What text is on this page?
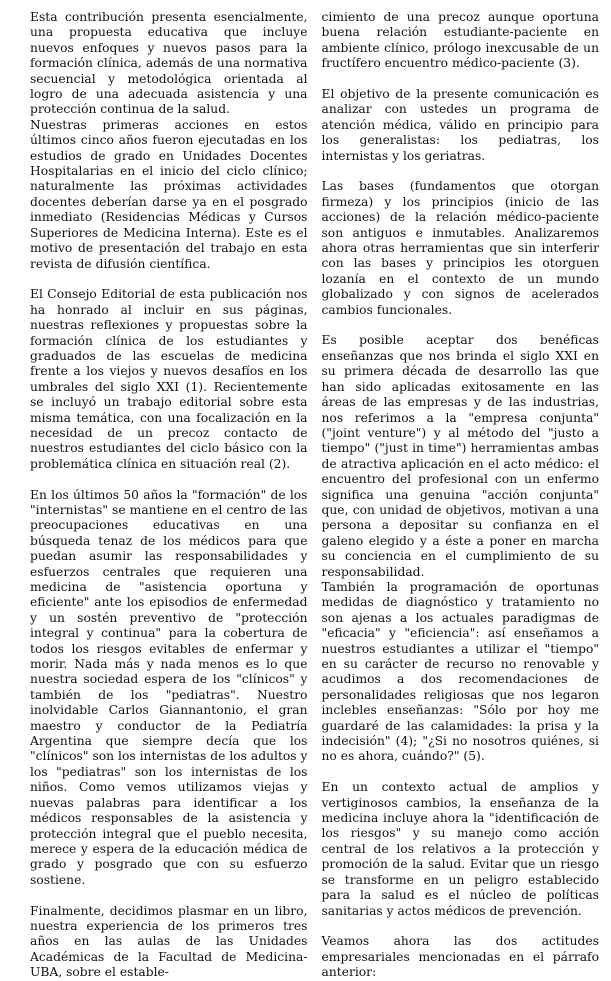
Esta contribución presenta esencialmente, una propuesta educativa que incluye nuevos enfoques y nuevos pasos para la formación clínica, además de una normativa secuencial y metodológica orientada al logro de una adecuada asistencia y una protección continua de la salud.

Nuestras primeras acciones en estos últimos cinco años fueron ejecutadas en los estudios de grado en Unidades Docentes Hospitalarias en el inicio del ciclo clínico; naturalmente las próximas actividades docentes deberían darse ya en el posgrado inmediato (Residencias Médicas y Cursos Superiores de Medicina Interna). Este es el motivo de presentación del trabajo en esta revista de difusión científica.

El Consejo Editorial de esta publicación nos ha honrado al incluir en sus páginas, nuestras reflexiones y propuestas sobre la formación clínica de los estudiantes y graduados de las escuelas de medicina frente a los viejos y nuevos desafíos en los umbrales del siglo XXI (1). Recientemente se incluyó un trabajo editorial sobre esta misma temática, con una focalización en la necesidad de un precoz contacto de nuestros estudiantes del ciclo básico con la problemática clínica en situación real (2).

En los últimos 50 años la "formación" de los "internistas" se mantiene en el centro de las preocupaciones educativas en una búsqueda tenaz de los médicos para que puedan asumir las responsabilidades y esfuerzos centrales que requieren una medicina de "asistencia oportuna y eficiente" ante los episodios de enfermedad y un sostén preventivo de "protección integral y continua" para la cobertura de todos los riesgos evitables de enfermar y morir. Nada más y nada menos es lo que nuestra sociedad espera de los "clínicos" y también de los "pediatras". Nuestro inolvidable Carlos Giannantonio, el gran maestro y conductor de la Pediatría Argentina que siempre decía que los "clínicos" son los internistas de los adultos y los "pediatras" son los internistas de los niños. Como vemos utilizamos viejas y nuevas palabras para identificar a los médicos responsables de la asistencia y protección integral que el pueblo necesita, merece y espera de la educación médica de grado y posgrado que con su esfuerzo sostiene.

Finalmente, decidimos plasmar en un libro, nuestra experiencia de los primeros tres años en las aulas de las Unidades Académicas de la Facultad de Medicina-UBA, sobre el estable-

cimiento de una precoz aunque oportuna buena relación estudiante-paciente en ambiente clínico, prólogo inexcusable de un fructífero encuentro médico-paciente (3).

El objetivo de la presente comunicación es analizar con ustedes un programa de atención médica, válido en principio para los generalistas: los pediatras, los internistas y los geriatras.

Las bases (fundamentos que otorgan firmeza) y los principios (inicio de las acciones) de la relación médico-paciente son antiguos e inmutables. Analizaremos ahora otras herramientas que sin interferir con las bases y principios les otorguen lozanía en el contexto de un mundo globalizado y con signos de acelerados cambios funcionales.

Es posible aceptar dos benéficas enseñanzas que nos brinda el siglo XXI en su primera década de desarrollo las que han sido aplicadas exitosamente en las áreas de las empresas y de las industrias, nos referimos a la "empresa conjunta" ("joint venture") y al método del "justo a tiempo" ("just in time") herramientas ambas de atractiva aplicación en el acto médico: el encuentro del profesional con un enfermo significa una genuina "acción conjunta" que, con unidad de objetivos, motivan a una persona a depositar su confianza en el galeno elegido y a éste a poner en marcha su conciencia en el cumplimiento de su responsabilidad.

También la programación de oportunas medidas de diagnóstico y tratamiento no son ajenas a los actuales paradigmas de "eficacia" y "eficiencia": así enseñamos a nuestros estudiantes a utilizar el "tiempo" en su carácter de recurso no renovable y acudimos a dos recomendaciones de personalidades religiosas que nos legaron inclebles enseñanzas: "Sólo por hoy me guardaré de las calamidades: la prisa y la indecisión" (4); "¿Si no nosotros quiénes, si no es ahora, cuándo?" (5).

En un contexto actual de amplios y vertiginosos cambios, la enseñanza de la medicina incluye ahora la "identificación de los riesgos" y su manejo como acción central de los relativos a la protección y promoción de la salud. Evitar que un riesgo se transforme en un peligro establecido para la salud es el núcleo de políticas sanitarias y actos médicos de prevención.

Veamos ahora las dos actitudes empresariales mencionadas en el párrafo anterior:
